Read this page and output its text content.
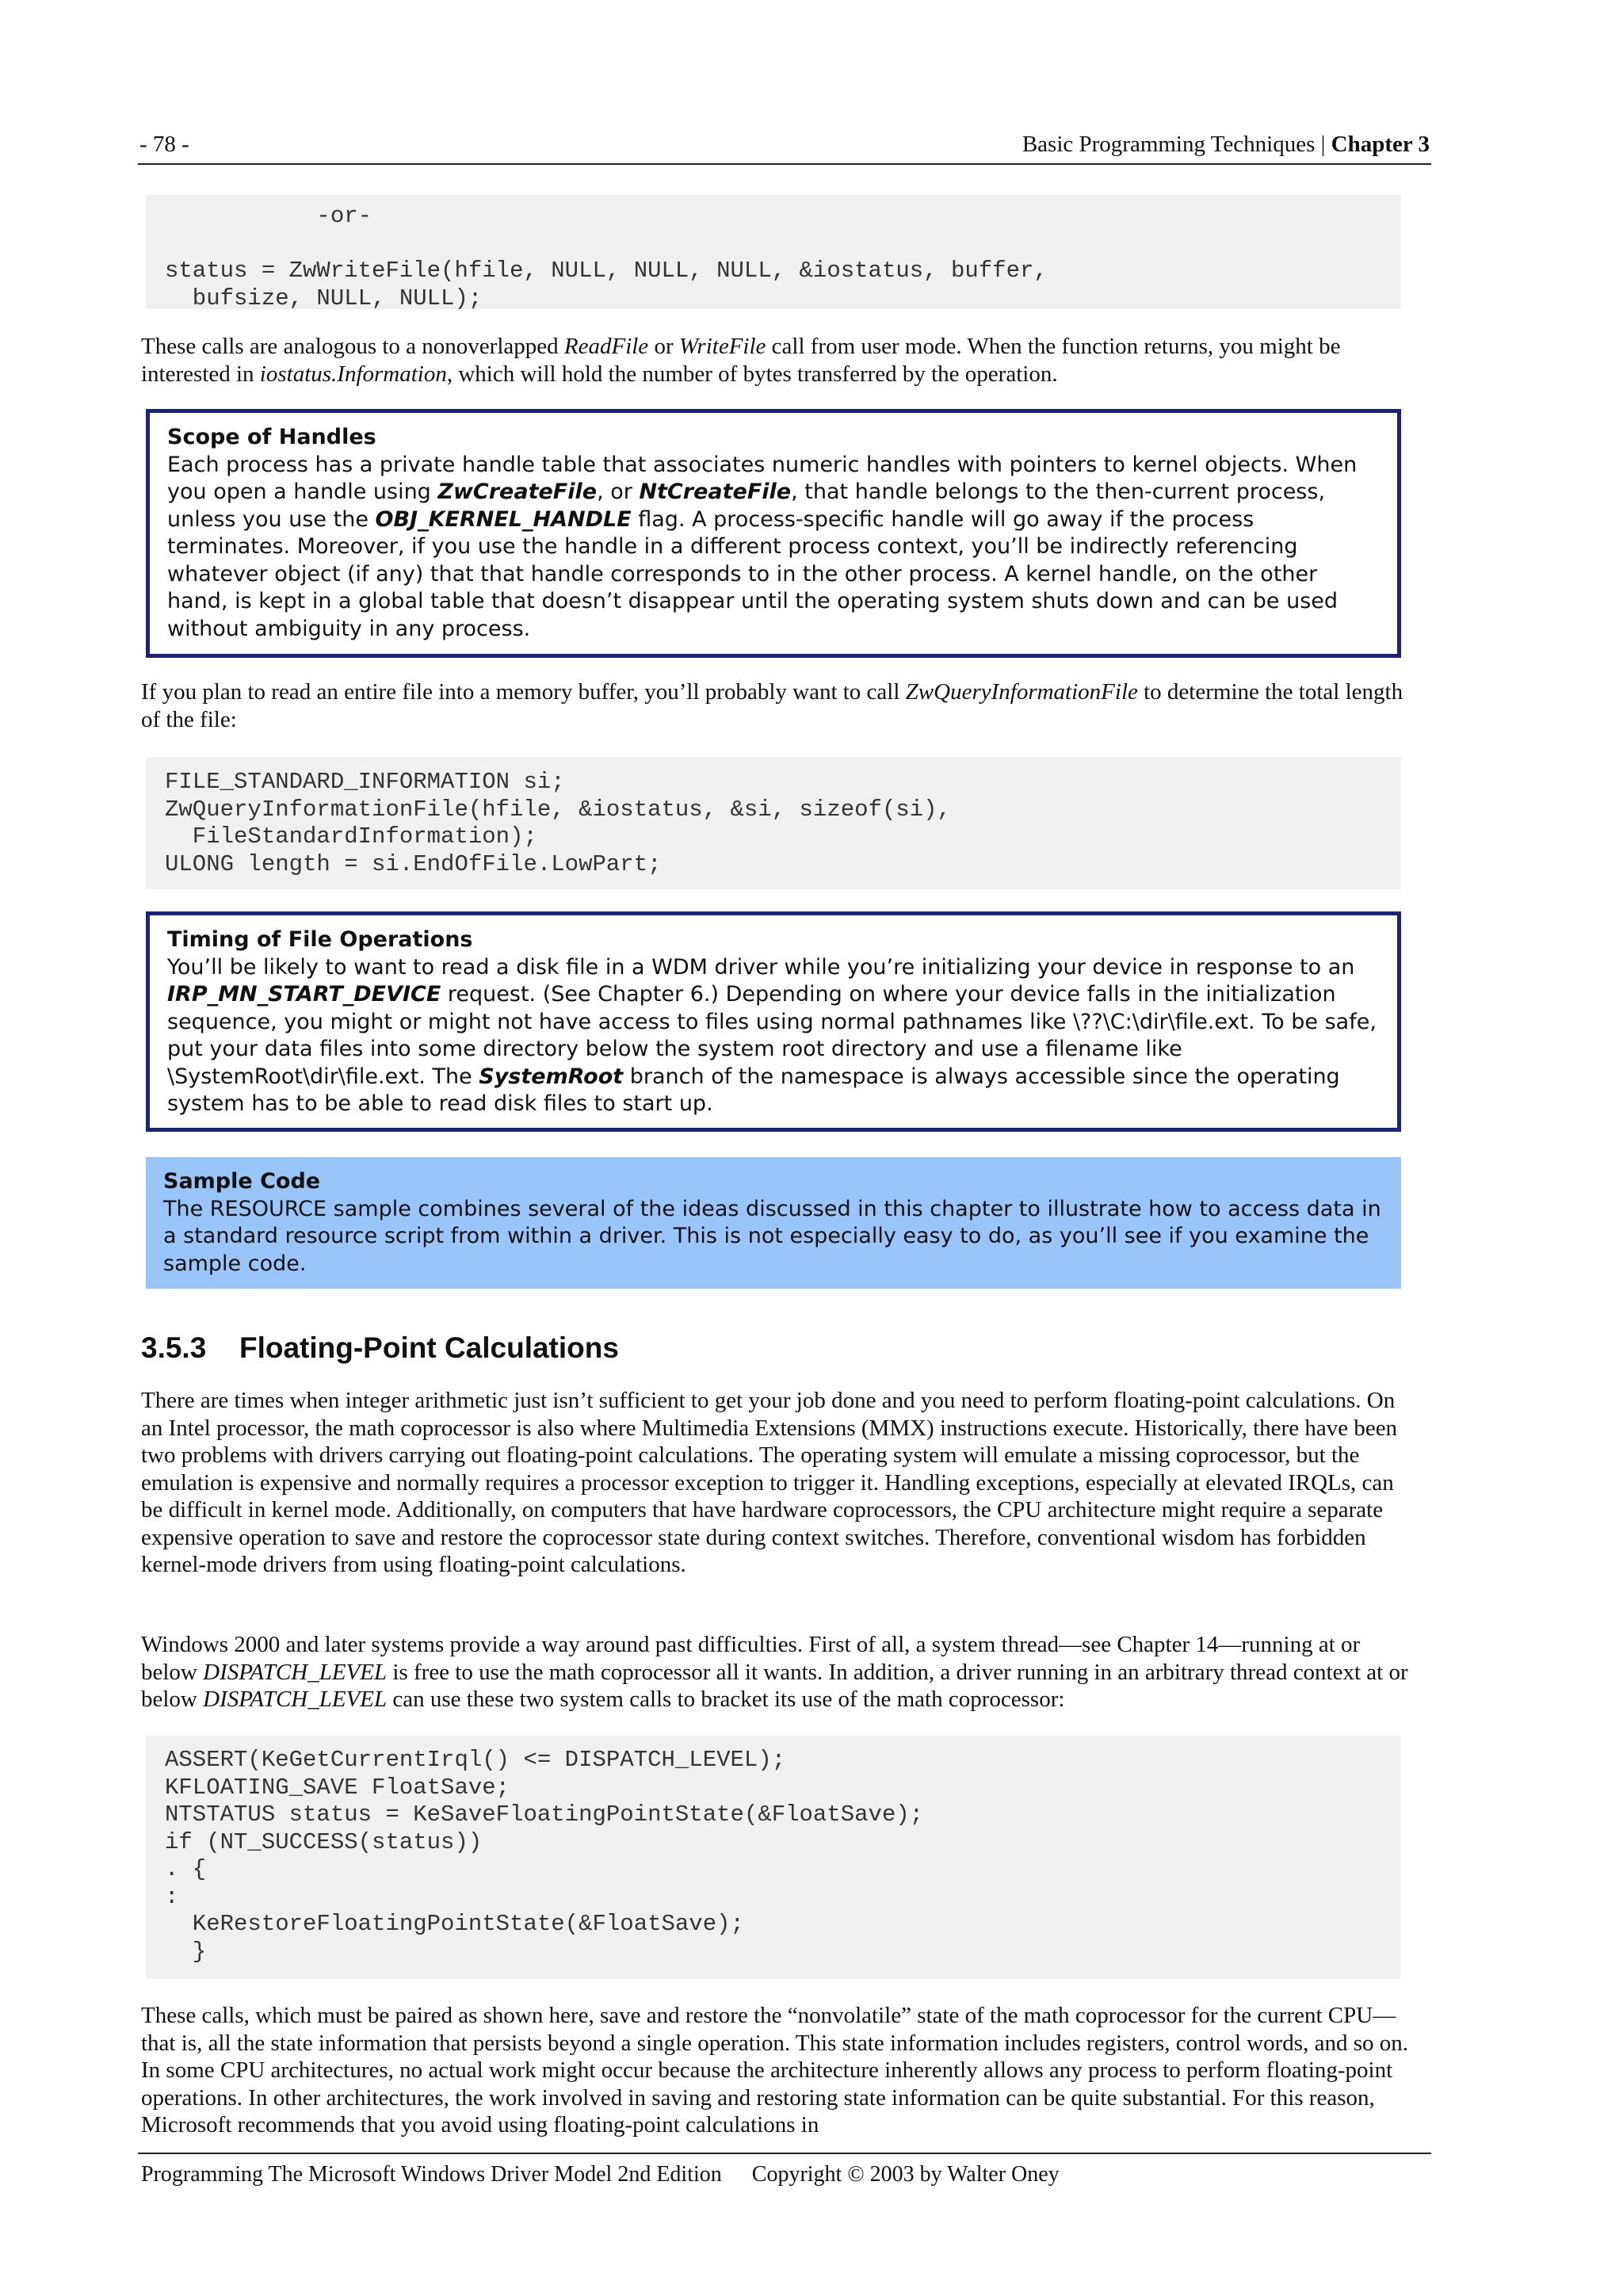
- 78 -	Basic Programming Techniques | Chapter 3
-or-

status = ZwWriteFile(hfile, NULL, NULL, NULL, &iostatus, buffer,
bufsize, NULL, NULL);
These calls are analogous to a nonoverlapped ReadFile or WriteFile call from user mode. When the function returns, you might be interested in iostatus.Information, which will hold the number of bytes transferred by the operation.
Scope of Handles
Each process has a private handle table that associates numeric handles with pointers to kernel objects. When you open a handle using ZwCreateFile, or NtCreateFile, that handle belongs to the then-current process, unless you use the OBJ_KERNEL_HANDLE flag. A process-specific handle will go away if the process terminates. Moreover, if you use the handle in a different process context, you’ll be indirectly referencing whatever object (if any) that that handle corresponds to in the other process. A kernel handle, on the other hand, is kept in a global table that doesn’t disappear until the operating system shuts down and can be used without ambiguity in any process.
If you plan to read an entire file into a memory buffer, you’ll probably want to call ZwQueryInformationFile to determine the total length of the file:
FILE_STANDARD_INFORMATION si;
ZwQueryInformationFile(hfile, &iostatus, &si, sizeof(si),
FileStandardInformation);
ULONG length = si.EndOfFile.LowPart;
Timing of File Operations
You’ll be likely to want to read a disk file in a WDM driver while you’re initializing your device in response to an IRP_MN_START_DEVICE request. (See Chapter 6.) Depending on where your device falls in the initialization sequence, you might or might not have access to files using normal pathnames like \??\C:\dir\file.ext. To be safe, put your data files into some directory below the system root directory and use a filename like \SystemRoot\dir\file.ext. The SystemRoot branch of the namespace is always accessible since the operating system has to be able to read disk files to start up.
Sample Code
The RESOURCE sample combines several of the ideas discussed in this chapter to illustrate how to access data in a standard resource script from within a driver. This is not especially easy to do, as you’ll see if you examine the sample code.
3.5.3 Floating-Point Calculations
There are times when integer arithmetic just isn’t sufficient to get your job done and you need to perform floating-point calculations. On an Intel processor, the math coprocessor is also where Multimedia Extensions (MMX) instructions execute. Historically, there have been two problems with drivers carrying out floating-point calculations. The operating system will emulate a missing coprocessor, but the emulation is expensive and normally requires a processor exception to trigger it. Handling exceptions, especially at elevated IRQLs, can be difficult in kernel mode. Additionally, on computers that have hardware coprocessors, the CPU architecture might require a separate expensive operation to save and restore the coprocessor state during context switches. Therefore, conventional wisdom has forbidden kernel-mode drivers from using floating-point calculations.
Windows 2000 and later systems provide a way around past difficulties. First of all, a system thread—see Chapter 14—running at or below DISPATCH_LEVEL is free to use the math coprocessor all it wants. In addition, a driver running in an arbitrary thread context at or below DISPATCH_LEVEL can use these two system calls to bracket its use of the math coprocessor:
ASSERT(KeGetCurrentIrql() <= DISPATCH_LEVEL);
KFLOATING_SAVE FloatSave;
NTSTATUS status = KeSaveFloatingPointState(&FloatSave);
if (NT_SUCCESS(status))
. {
:
KeRestoreFloatingPointState(&FloatSave);
}
These calls, which must be paired as shown here, save and restore the “nonvolatile” state of the math coprocessor for the current CPU—that is, all the state information that persists beyond a single operation. This state information includes registers, control words, and so on. In some CPU architectures, no actual work might occur because the architecture inherently allows any process to perform floating-point operations. In other architectures, the work involved in saving and restoring state information can be quite substantial. For this reason, Microsoft recommends that you avoid using floating-point calculations in
Programming The Microsoft Windows Driver Model 2nd Edition Copyright © 2003 by Walter Oney
